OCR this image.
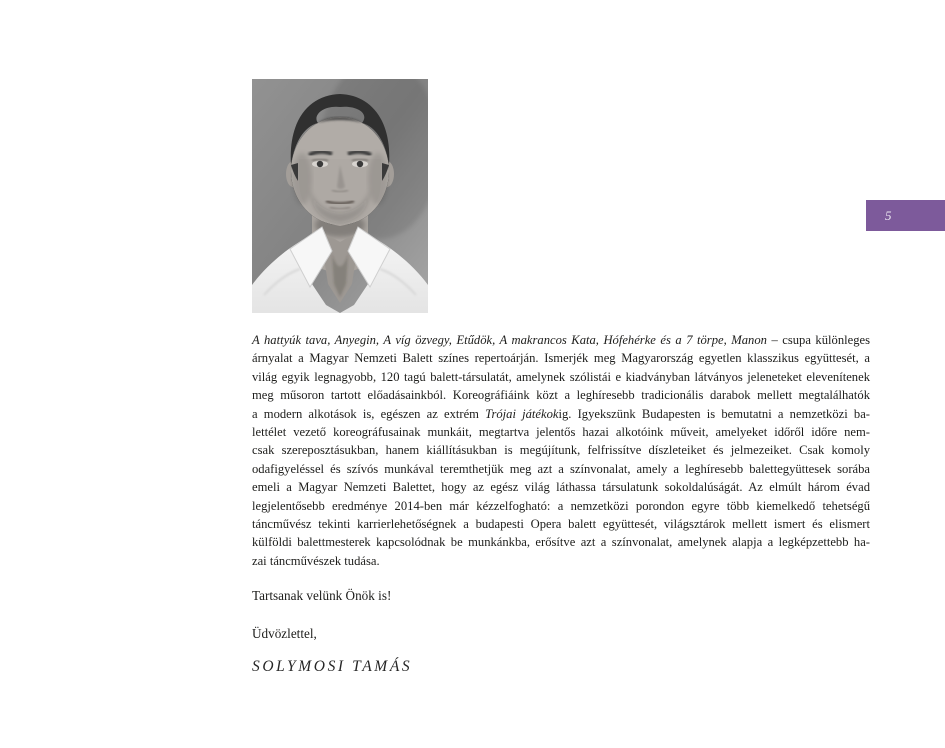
5
A hattyúk tava, Anyegin, A víg özvegy, Etűdök, A makrancos Kata, Hófehérke és a 7 törpe, Manon – csupa különleges
árnyalat a Magyar Nemzeti Balett színes repertoárján. Ismerjék meg Magyarország egyetlen klasszikus együttesét, a
világ egyik legnagyobb, 120 tagú balett-társulatát, amelynek szólistái e kiadványban látványos jeleneteket elevenítenek
meg műsoron tartott előadásainkból. Koreográfiáink közt a leghíresebb tradicionális darabok mellett megtalálhatók
a modern alkotások is, egészen az extrém Trójai játékokig. Igyekszünk Budapesten is bemutatni a nemzetközi ba-
lettélet vezető koreográfusainak munkáit, megtartva jelentős hazai alkotóink műveit, amelyeket időről időre nem-
csak szereposztásukban, hanem kiállításukban is megújítunk, felfrissítve díszleteiket és jelmezeiket. Csak komoly
odafigyeléssel és szívós munkával teremthetjük meg azt a színvonalat, amely a leghíresebb balettegyüttesek sorába
emeli a Magyar Nemzeti Balettet, hogy az egész világ láthassa társulatunk sokoldalúságát. Az elmúlt három évad
legjelentősebb eredménye 2014-ben már kézzelfogható: a nemzetközi porondon egyre több kiemelkedő tehetségű
táncművész tekinti karrierlehetőségnek a budapesti Opera balett együttesét, világsztárok mellett ismert és elismert
külföldi balettmesterek kapcsolódnak be munkánkba, erősítve azt a színvonalat, amelynek alapja a legképzettebb ha-
zai táncművészek tudása.

Tartsanak velünk Önök is!

Üdvözlettel,

SOLYMOSI TAMÁS
